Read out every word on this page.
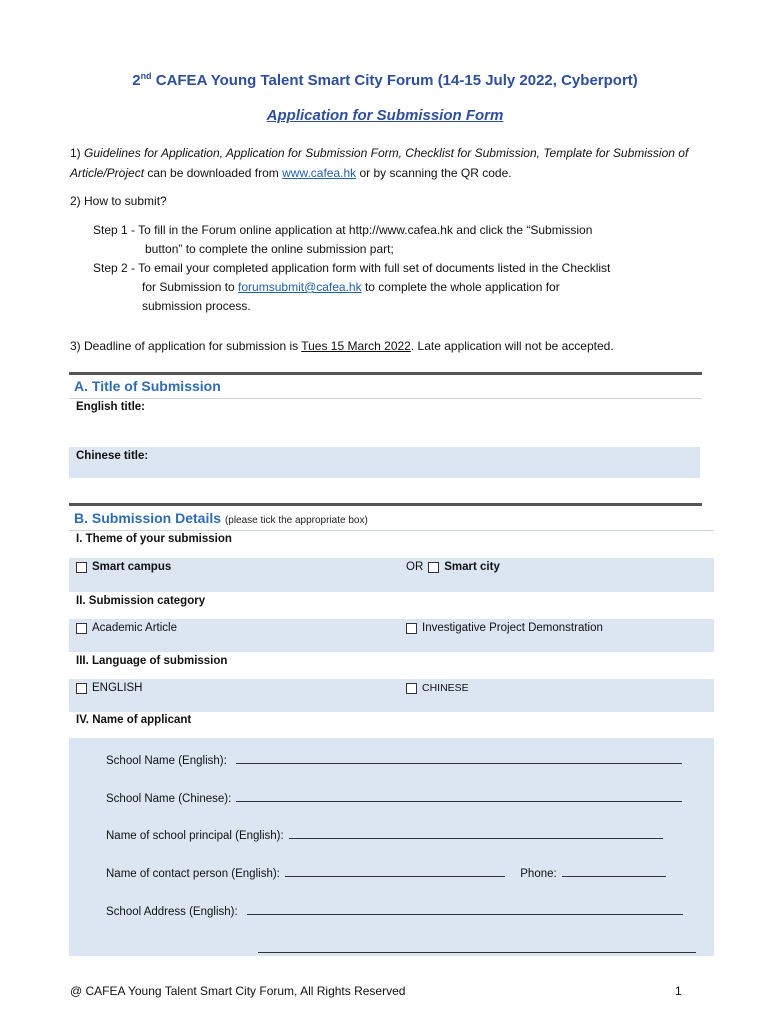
2nd CAFEA Young Talent Smart City Forum (14-15 July 2022, Cyberport)
Application for Submission Form
1) Guidelines for Application, Application for Submission Form, Checklist for Submission, Template for Submission of Article/Project can be downloaded from www.cafea.hk or by scanning the QR code.
2) How to submit?
Step 1 - To fill in the Forum online application at http://www.cafea.hk and click the “Submission
button” to complete the online submission part;
Step 2 - To email your completed application form with full set of documents listed in the Checklist
for Submission to forumsubmit@cafea.hk to complete the whole application for
submission process.
3) Deadline of application for submission is Tues 15 March 2022. Late application will not be accepted.
A. Title of Submission
English title:
Chinese title:
B. Submission Details (please tick the appropriate box)
I. Theme of your submission
Smart campus	OR Smart city
II. Submission category
Academic Article	Investigative Project Demonstration
III. Language of submission
ENGLISH	CHINESE
IV. Name of applicant
School Name (English):
School Name (Chinese):
Name of school principal (English):
Name of contact person (English):	Phone:
School Address (English):
@ CAFEA Young Talent Smart City Forum, All Rights Reserved	1
